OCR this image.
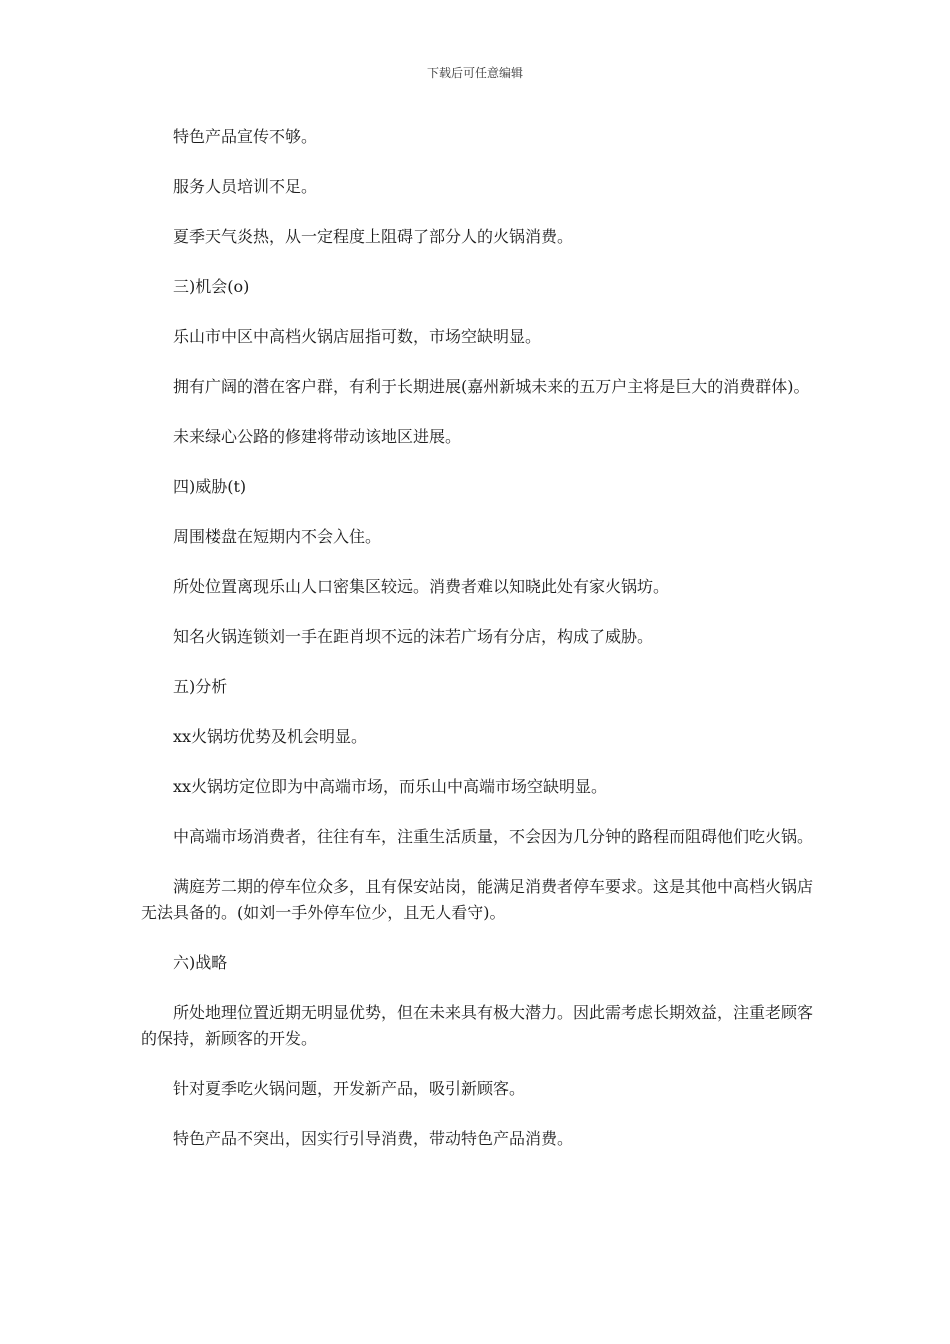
下载后可任意编辑

特色产品宣传不够。

服务人员培训不足。

夏季天气炎热，从一定程度上阻碍了部分人的火锅消费。

三)机会(o)

乐山市中区中高档火锅店屈指可数，市场空缺明显。

拥有广阔的潜在客户群，有利于长期进展(嘉州新城未来的五万户主将是巨大的消费群体)。

未来绿心公路的修建将带动该地区进展。

四)威胁(t)

周围楼盘在短期内不会入住。

所处位置离现乐山人口密集区较远。消费者难以知晓此处有家火锅坊。

知名火锅连锁刘一手在距肖坝不远的沫若广场有分店，构成了威胁。

五)分析

xx火锅坊优势及机会明显。

xx火锅坊定位即为中高端市场，而乐山中高端市场空缺明显。

中高端市场消费者，往往有车，注重生活质量，不会因为几分钟的路程而阻碍他们吃火锅。

满庭芳二期的停车位众多，且有保安站岗，能满足消费者停车要求。这是其他中高档火锅店无法具备的。(如刘一手外停车位少，且无人看守)。

六)战略

所处地理位置近期无明显优势，但在未来具有极大潜力。因此需考虑长期效益，注重老顾客的保持，新顾客的开发。

针对夏季吃火锅问题，开发新产品，吸引新顾客。

特色产品不突出，因实行引导消费，带动特色产品消费。
